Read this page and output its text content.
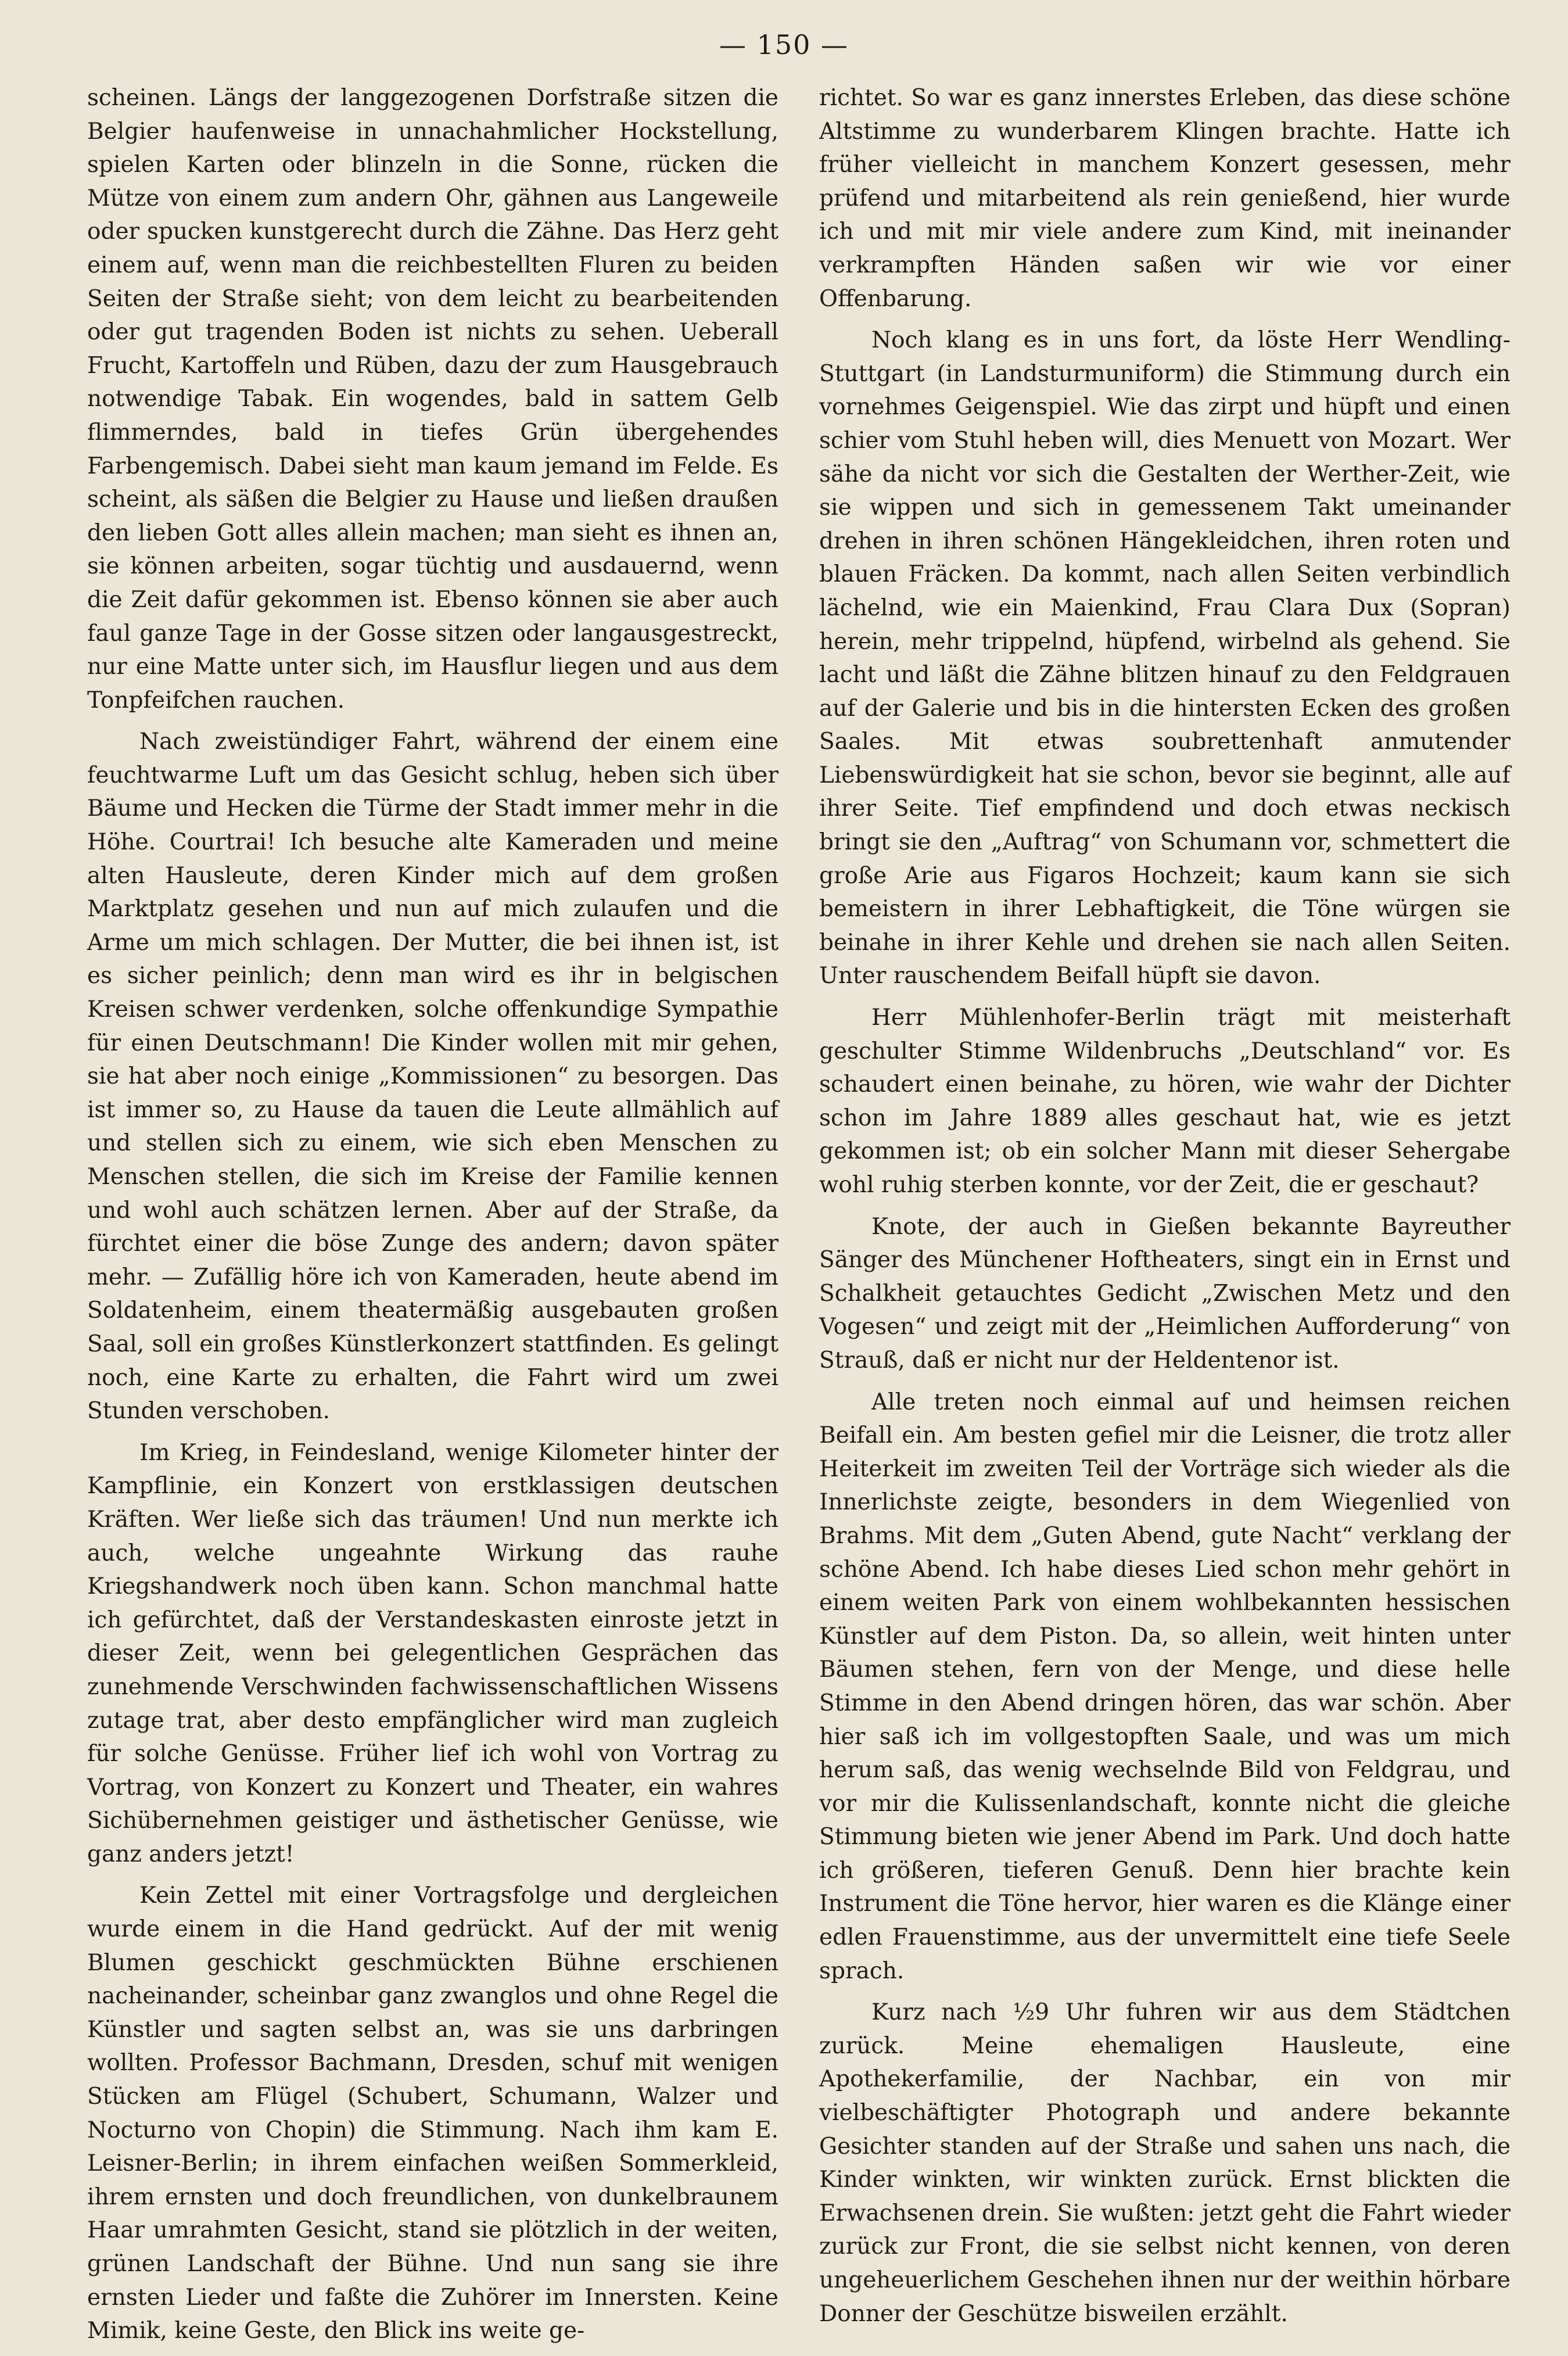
— 150 —

scheinen. Längs der langgezogenen Dorfstraße sitzen die Belgier haufenweise in unnachahmlicher Hockstellung, spielen Karten oder blinzeln in die Sonne, rücken die Mütze von einem zum andern Ohr, gähnen aus Langeweile oder spucken kunstgerecht durch die Zähne. Das Herz geht einem auf, wenn man die reichbestellten Fluren zu beiden Seiten der Straße sieht; von dem leicht zu bearbeitenden oder gut tragenden Boden ist nichts zu sehen. Ueberall Frucht, Kartoffeln und Rüben, dazu der zum Hausgebrauch notwendige Tabak. Ein wogendes, bald in sattem Gelb flimmerndes, bald in tiefes Grün übergehendes Farbengemisch. Dabei sieht man kaum jemand im Felde. Es scheint, als säßen die Belgier zu Hause und ließen draußen den lieben Gott alles allein machen; man sieht es ihnen an, sie können arbeiten, sogar tüchtig und ausdauernd, wenn die Zeit dafür gekommen ist. Ebenso können sie aber auch faul ganze Tage in der Gosse sitzen oder langausgestreckt, nur eine Matte unter sich, im Hausflur liegen und aus dem Tonpfeifchen rauchen.

Nach zweistündiger Fahrt, während der einem eine feuchtwarme Luft um das Gesicht schlug, heben sich über Bäume und Hecken die Türme der Stadt immer mehr in die Höhe. Courtrai! Ich besuche alte Kameraden und meine alten Hausleute, deren Kinder mich auf dem großen Marktplatz gesehen und nun auf mich zulaufen und die Arme um mich schlagen. Der Mutter, die bei ihnen ist, ist es sicher peinlich; denn man wird es ihr in belgischen Kreisen schwer verdenken, solche offenkundige Sympathie für einen Deutschmann! Die Kinder wollen mit mir gehen, sie hat aber noch einige „Kommissionen“ zu besorgen. Das ist immer so, zu Hause da tauen die Leute allmählich auf und stellen sich zu einem, wie sich eben Menschen zu Menschen stellen, die sich im Kreise der Familie kennen und wohl auch schätzen lernen. Aber auf der Straße, da fürchtet einer die böse Zunge des andern; davon später mehr. — Zufällig höre ich von Kameraden, heute abend im Soldatenheim, einem theatermäßig ausgebauten großen Saal, soll ein großes Künstlerkonzert stattfinden. Es gelingt noch, eine Karte zu erhalten, die Fahrt wird um zwei Stunden verschoben.

Im Krieg, in Feindesland, wenige Kilometer hinter der Kampflinie, ein Konzert von erstklassigen deutschen Kräften. Wer ließe sich das träumen! Und nun merkte ich auch, welche ungeahnte Wirkung das rauhe Kriegshandwerk noch üben kann. Schon manchmal hatte ich gefürchtet, daß der Verstandeskasten einroste jetzt in dieser Zeit, wenn bei gelegentlichen Gesprächen das zunehmende Verschwinden fachwissenschaftlichen Wissens zutage trat, aber desto empfänglicher wird man zugleich für solche Genüsse. Früher lief ich wohl von Vortrag zu Vortrag, von Konzert zu Konzert und Theater, ein wahres Sichübernehmen geistiger und ästhetischer Genüsse, wie ganz anders jetzt!

Kein Zettel mit einer Vortragsfolge und dergleichen wurde einem in die Hand gedrückt. Auf der mit wenig Blumen geschickt geschmückten Bühne erschienen nacheinander, scheinbar ganz zwanglos und ohne Regel die Künstler und sagten selbst an, was sie uns darbringen wollten. Professor Bachmann, Dresden, schuf mit wenigen Stücken am Flügel (Schubert, Schumann, Walzer und Nocturno von Chopin) die Stimmung. Nach ihm kam E. Leisner-Berlin; in ihrem einfachen weißen Sommerkleid, ihrem ernsten und doch freundlichen, von dunkelbraunem Haar umrahmten Gesicht, stand sie plötzlich in der weiten, grünen Landschaft der Bühne. Und nun sang sie ihre ernsten Lieder und faßte die Zuhörer im Innersten. Keine Mimik, keine Geste, den Blick ins weite ge-

richtet. So war es ganz innerstes Erleben, das diese schöne Altstimme zu wunderbarem Klingen brachte. Hatte ich früher vielleicht in manchem Konzert gesessen, mehr prüfend und mitarbeitend als rein genießend, hier wurde ich und mit mir viele andere zum Kind, mit ineinander verkrampften Händen saßen wir wie vor einer Offenbarung.

Noch klang es in uns fort, da löste Herr Wendling-Stuttgart (in Landsturmuniform) die Stimmung durch ein vornehmes Geigenspiel. Wie das zirpt und hüpft und einen schier vom Stuhl heben will, dies Menuett von Mozart. Wer sähe da nicht vor sich die Gestalten der Werther-Zeit, wie sie wippen und sich in gemessenem Takt umeinander drehen in ihren schönen Hängekleidchen, ihren roten und blauen Fräcken. Da kommt, nach allen Seiten verbindlich lächelnd, wie ein Maienkind, Frau Clara Dux (Sopran) herein, mehr trippelnd, hüpfend, wirbelnd als gehend. Sie lacht und läßt die Zähne blitzen hinauf zu den Feldgrauen auf der Galerie und bis in die hintersten Ecken des großen Saales. Mit etwas soubrettenhaft anmutender Liebenswürdigkeit hat sie schon, bevor sie beginnt, alle auf ihrer Seite. Tief empfindend und doch etwas neckisch bringt sie den „Auftrag“ von Schumann vor, schmettert die große Arie aus Figaros Hochzeit; kaum kann sie sich bemeistern in ihrer Lebhaftigkeit, die Töne würgen sie beinahe in ihrer Kehle und drehen sie nach allen Seiten. Unter rauschendem Beifall hüpft sie davon.

Herr Mühlenhofer-Berlin trägt mit meisterhaft geschulter Stimme Wildenbruchs „Deutschland“ vor. Es schaudert einen beinahe, zu hören, wie wahr der Dichter schon im Jahre 1889 alles geschaut hat, wie es jetzt gekommen ist; ob ein solcher Mann mit dieser Sehergabe wohl ruhig sterben konnte, vor der Zeit, die er geschaut?

Knote, der auch in Gießen bekannte Bayreuther Sänger des Münchener Hoftheaters, singt ein in Ernst und Schalkheit getauchtes Gedicht „Zwischen Metz und den Vogesen“ und zeigt mit der „Heimlichen Aufforderung“ von Strauß, daß er nicht nur der Heldentenor ist.

Alle treten noch einmal auf und heimsen reichen Beifall ein. Am besten gefiel mir die Leisner, die trotz aller Heiterkeit im zweiten Teil der Vorträge sich wieder als die Innerlichste zeigte, besonders in dem Wiegenlied von Brahms. Mit dem „Guten Abend, gute Nacht“ verklang der schöne Abend. Ich habe dieses Lied schon mehr gehört in einem weiten Park von einem wohlbekannten hessischen Künstler auf dem Piston. Da, so allein, weit hinten unter Bäumen stehen, fern von der Menge, und diese helle Stimme in den Abend dringen hören, das war schön. Aber hier saß ich im vollgestopften Saale, und was um mich herum saß, das wenig wechselnde Bild von Feldgrau, und vor mir die Kulissenlandschaft, konnte nicht die gleiche Stimmung bieten wie jener Abend im Park. Und doch hatte ich größeren, tieferen Genuß. Denn hier brachte kein Instrument die Töne hervor, hier waren es die Klänge einer edlen Frauenstimme, aus der unvermittelt eine tiefe Seele sprach.

Kurz nach ½9 Uhr fuhren wir aus dem Städtchen zurück. Meine ehemaligen Hausleute, eine Apothekerfamilie, der Nachbar, ein von mir vielbeschäftigter Photograph und andere bekannte Gesichter standen auf der Straße und sahen uns nach, die Kinder winkten, wir winkten zurück. Ernst blickten die Erwachsenen drein. Sie wußten: jetzt geht die Fahrt wieder zurück zur Front, die sie selbst nicht kennen, von deren ungeheuerlichem Geschehen ihnen nur der weithin hörbare Donner der Geschütze bisweilen erzählt.
